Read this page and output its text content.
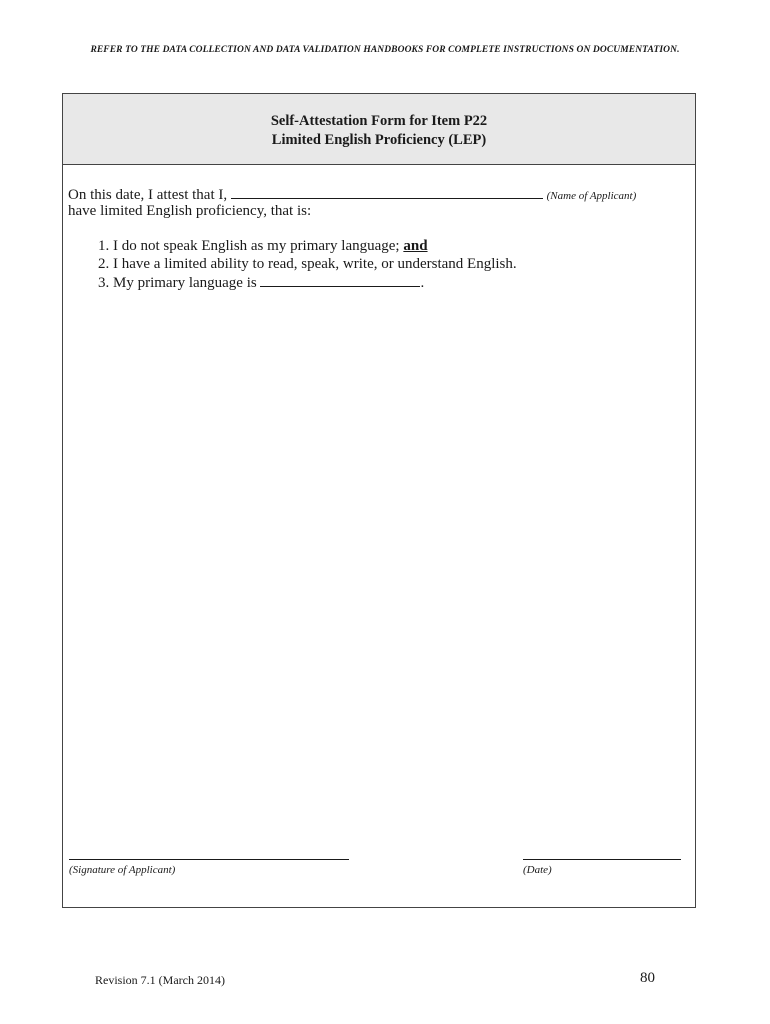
REFER TO THE DATA COLLECTION AND DATA VALIDATION HANDBOOKS FOR COMPLETE INSTRUCTIONS ON DOCUMENTATION.
Self-Attestation Form for Item P22
Limited English Proficiency (LEP)
On this date, I attest that I,	(Name of Applicant)
have limited English proficiency, that is:
1. I do not speak English as my primary language; and
2. I have a limited ability to read, speak, write, or understand English.
3. My primary language is	.
(Signature of Applicant)	(Date)
Revision 7.1 (March 2014)	80
